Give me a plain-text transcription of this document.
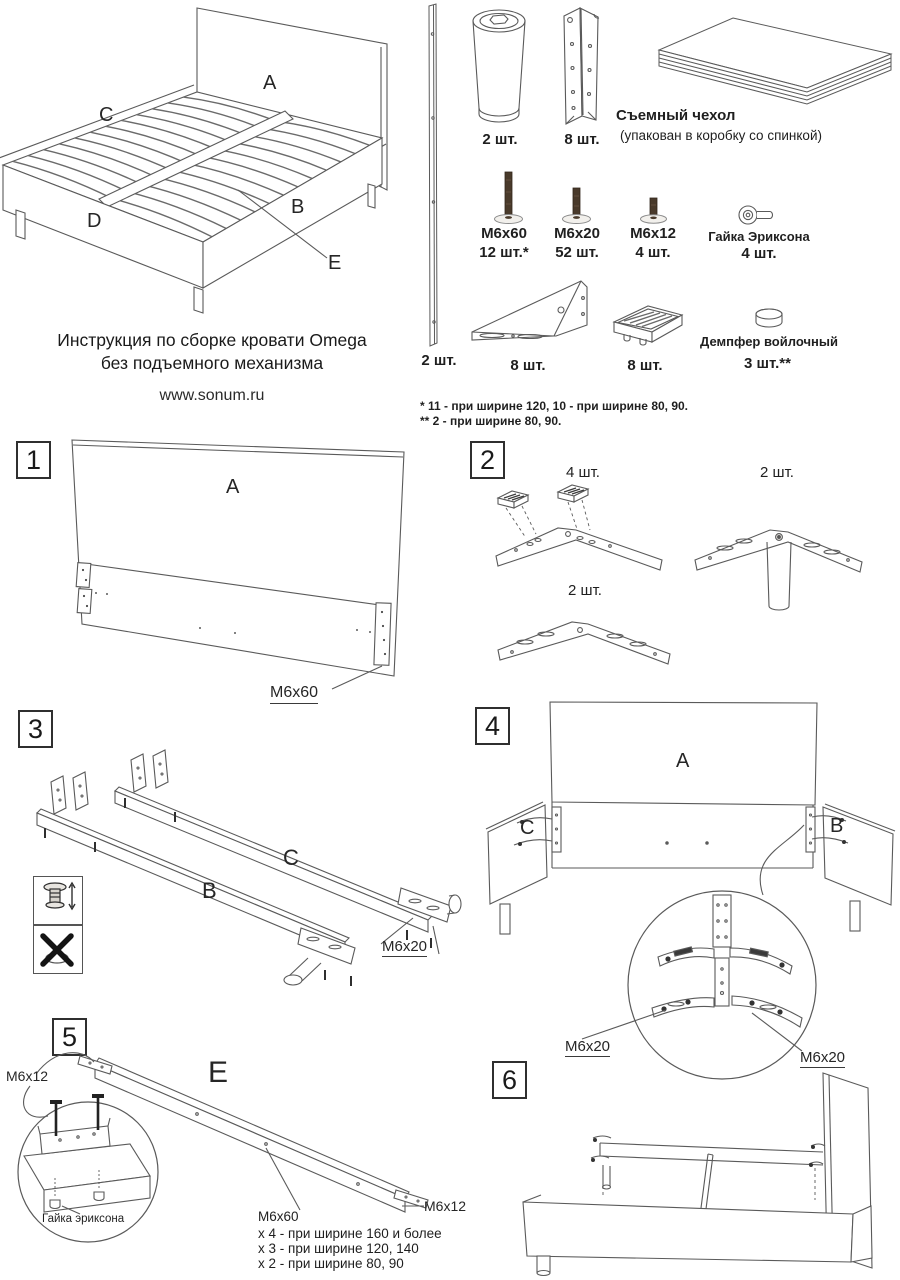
A
C
D
B
E
Инструкция по сборке кровати Omega
без подъемного механизма
www.sonum.ru
2 шт.
2 шт.	8 шт.
Съемный чехол
(упакован в коробку со спинкой)
М6х60
12 шт.*
М6х20
52 шт.
М6х12
4 шт.
Гайка Эриксона
4 шт.
8 шт.	8 шт.
Демпфер войлочный
3 шт.**
* 11 - при ширине 120, 10 - при ширине 80, 90.
** 2 - при ширине 80, 90.
1
A
M6x60
2	4 шт.	2 шт.
2 шт.
3
B
C
M6x20
4
A
C	B
M6x20
M6x20
5
M6x12	E
Гайка эриксона	М6х60
х 4 - при ширине 160 и более
х 3 - при ширине 120, 140
х 2 - при ширине 80, 90
M6x12
6
